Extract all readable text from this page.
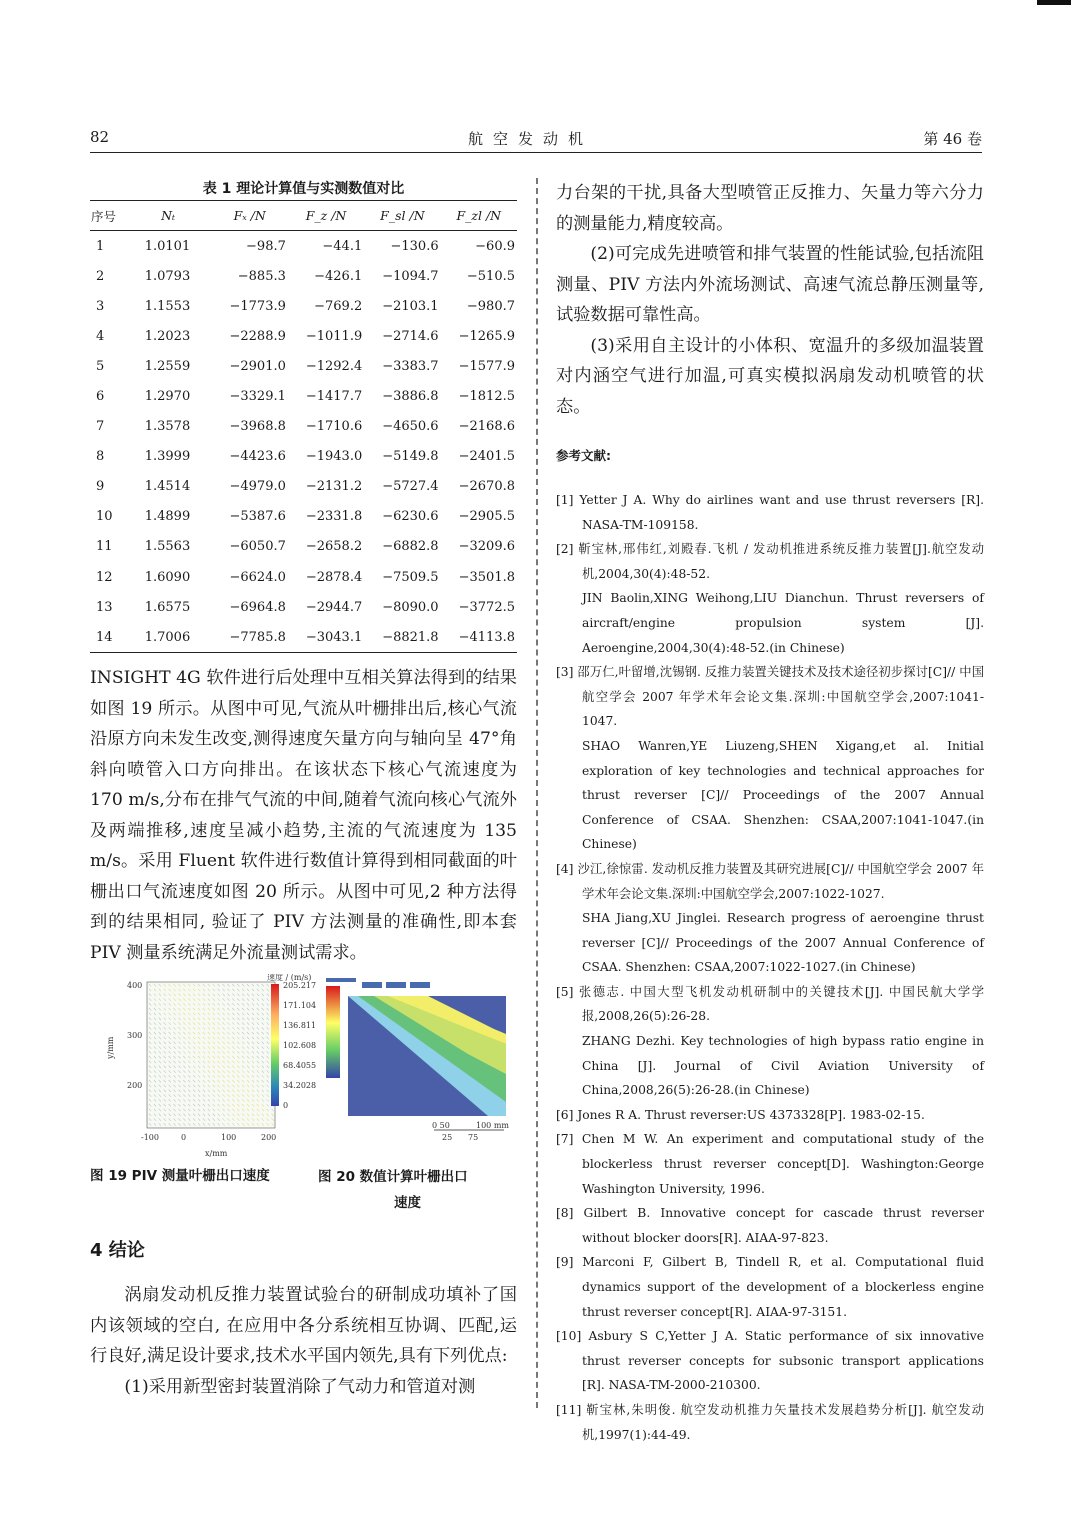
82	航空发动机	第 46 卷
表 1 理论计算值与实测数值对比
序号	Nₜ	Fₓ /N	F_z /N	F_sl /N	F_zl /N
1	1.0101	−98.7	−44.1	−130.6	−60.9
2	1.0793	−885.3	−426.1	−1094.7	−510.5
3	1.1553	−1773.9	−769.2	−2103.1	−980.7
4	1.2023	−2288.9	−1011.9	−2714.6	−1265.9
5	1.2559	−2901.0	−1292.4	−3383.7	−1577.9
6	1.2970	−3329.1	−1417.7	−3886.8	−1812.5
7	1.3578	−3968.8	−1710.6	−4650.6	−2168.6
8	1.3999	−4423.6	−1943.0	−5149.8	−2401.5
9	1.4514	−4979.0	−2131.2	−5727.4	−2670.8
10	1.4899	−5387.6	−2331.8	−6230.6	−2905.5
11	1.5563	−6050.7	−2658.2	−6882.8	−3209.6
12	1.6090	−6624.0	−2878.4	−7509.5	−3501.8
13	1.6575	−6964.8	−2944.7	−8090.0	−3772.5
14	1.7006	−7785.8	−3043.1	−8821.8	−4113.8

INSIGHT 4G 软件进行后处理中互相关算法得到的结果如图 19 所示。从图中可见,气流从叶栅排出后,核心气流沿原方向未发生改变,测得速度矢量方向与轴向呈 47°角斜向喷管入口方向排出。在该状态下核心气流速度为 170 m/s,分布在排气气流的中间,随着气流向核心气流外及两端推移,速度呈减小趋势,主流的气流速度为 135 m/s。采用 Fluent 软件进行数值计算得到相同截面的叶栅出口气流速度如图 20 所示。从图中可见,2 种方法得到的结果相同, 验证了 PIV 方法测量的准确性,即本套 PIV 测量系统满足外流量测试需求。

速度 / (m/s)
205.217
171.104
136.811
102.608
68.4055
34.2028
0
-100	0	100	200
400
300
200
x/mm
y/mm
0 50	100 mm
25 75
图 19 PIV 测量叶栅出口速度	图 20 数值计算叶栅出口
速度
4 结论

涡扇发动机反推力装置试验台的研制成功填补了国内该领域的空白, 在应用中各分系统相互协调、匹配,运行良好,满足设计要求,技术水平国内领先,具有下列优点:

(1)采用新型密封装置消除了气动力和管道对测

力台架的干扰,具备大型喷管正反推力、矢量力等六分力的测量能力,精度较高。

(2)可完成先进喷管和排气装置的性能试验,包括流阻测量、PIV 方法内外流场测试、高速气流总静压测量等,试验数据可靠性高。

(3)采用自主设计的小体积、宽温升的多级加温装置对内涵空气进行加温,可真实模拟涡扇发动机喷管的状态。

参考文献:

[1] Yetter J A. Why do airlines want and use thrust reversers [R]. NASA-TM-109158.

[2] 靳宝林,邢伟红,刘殿春.飞机 / 发动机推进系统反推力装置[J].航空发动机,2004,30(4):48-52.

JIN Baolin,XING Weihong,LIU Dianchun. Thrust reversers of aircraft/engine propulsion system [J]. Aeroengine,2004,30(4):48-52.(in Chinese)

[3] 邵万仁,叶留增,沈锡钢. 反推力装置关键技术及技术途径初步探讨[C]// 中国航空学会 2007 年学术年会论文集.深圳:中国航空学会,2007:1041-1047.

SHAO Wanren,YE Liuzeng,SHEN Xigang,et al. Initial exploration of key technologies and technical approaches for thrust reverser [C]// Proceedings of the 2007 Annual Conference of CSAA. Shenzhen: CSAA,2007:1041-1047.(in Chinese)

[4] 沙江,徐惊雷. 发动机反推力装置及其研究进展[C]// 中国航空学会 2007 年学术年会论文集.深圳:中国航空学会,2007:1022-1027.

SHA Jiang,XU Jinglei. Research progress of aeroengine thrust reverser [C]// Proceedings of the 2007 Annual Conference of CSAA. Shenzhen: CSAA,2007:1022-1027.(in Chinese)

[5] 张德志. 中国大型飞机发动机研制中的关键技术[J]. 中国民航大学学报,2008,26(5):26-28.

ZHANG Dezhi. Key technologies of high bypass ratio engine in China [J]. Journal of Civil Aviation University of China,2008,26(5):26-28.(in Chinese)

[6] Jones R A. Thrust reverser:US 4373328[P]. 1983-02-15.

[7] Chen M W. An experiment and computational study of the blockerless thrust reverser concept[D]. Washington:George Washington University, 1996.

[8] Gilbert B. Innovative concept for cascade thrust reverser without blocker doors[R]. AIAA-97-823.

[9] Marconi F, Gilbert B, Tindell R, et al. Computational fluid dynamics support of the development of a blockerless engine thrust reverser concept[R]. AIAA-97-3151.

[10] Asbury S C,Yetter J A. Static performance of six innovative thrust reverser concepts for subsonic transport applications [R]. NASA-TM-2000-210300.

[11] 靳宝林,朱明俊. 航空发动机推力矢量技术发展趋势分析[J]. 航空发动机,1997(1):44-49.
